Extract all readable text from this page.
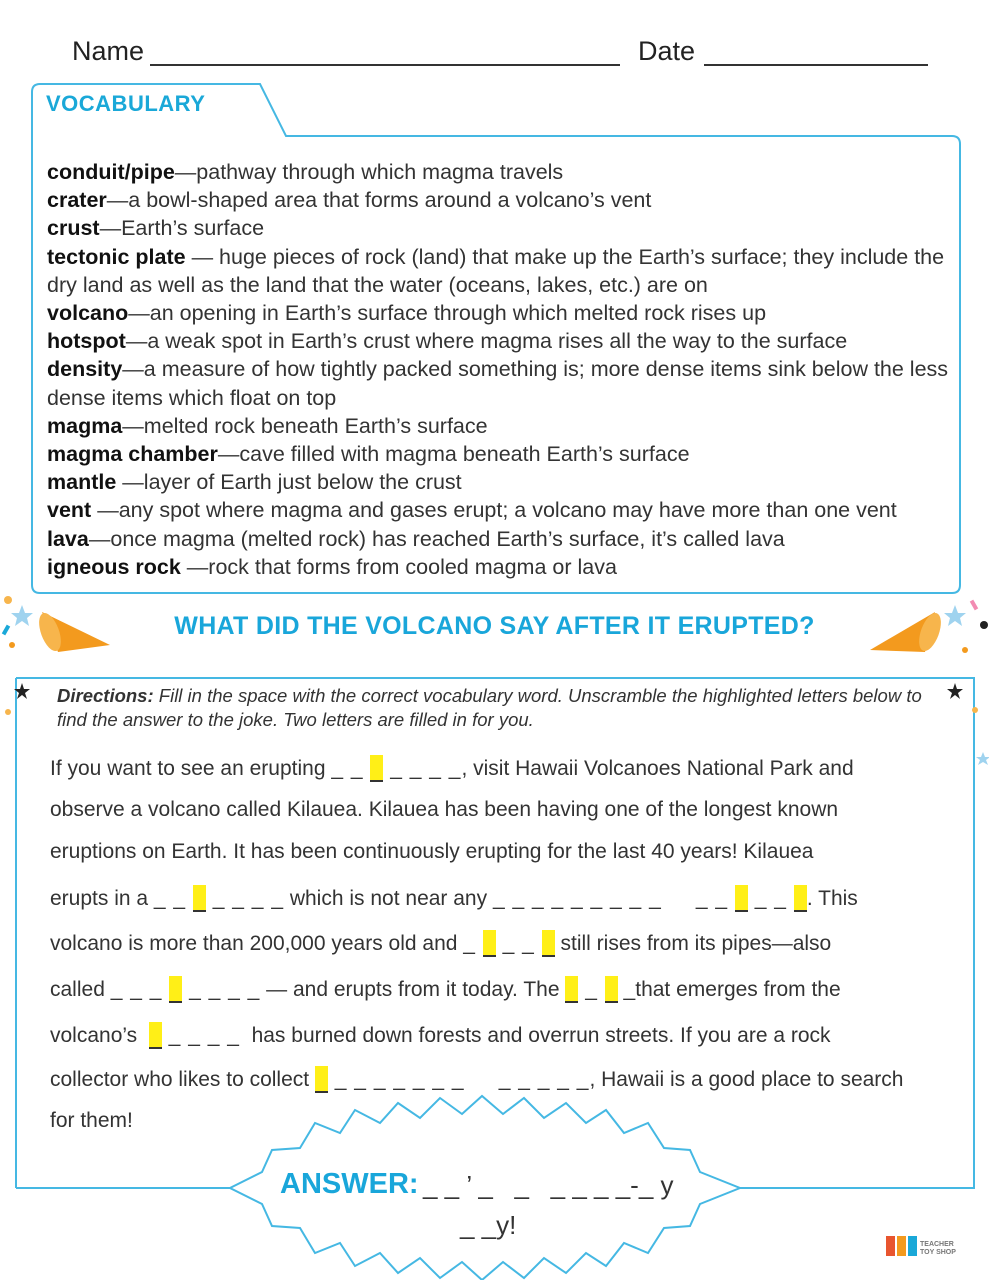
Name	Date
VOCABULARY
conduit/pipe—pathway through which magma travels
crater—a bowl-shaped area that forms around a volcano’s vent
crust—Earth’s surface
tectonic plate — huge pieces of rock (land) that make up the Earth’s surface; they include the dry land as well as the land that the water (oceans, lakes, etc.) are on
volcano—an opening in Earth’s surface through which melted rock rises up
hotspot—a weak spot in Earth’s crust where magma rises all the way to the surface
density—a measure of how tightly packed something is; more dense items sink below the less dense items which float on top
magma—melted rock beneath Earth’s surface
magma chamber—cave filled with magma beneath Earth’s surface
mantle —layer of Earth just below the crust
vent —any spot where magma and gases erupt; a volcano may have more than one vent
lava—once magma (melted rock) has reached Earth’s surface, it’s called lava
igneous rock —rock that forms from cooled magma or lava
WHAT DID THE VOLCANO SAY AFTER IT ERUPTED?
Directions: Fill in the space with the correct vocabulary word. Unscramble the highlighted letters below to find the answer to the joke. Two letters are filled in for you.
If you want to see an erupting _ _  _ _ _ _, visit Hawaii Volcanoes National Park and
observe a volcano called Kilauea. Kilauea has been having one of the longest known
eruptions on Earth. It has been continuously erupting for the last 40 years! Kilauea
erupts in a _ _  _ _ _ _ which is not near any _ _ _ _ _ _ _ _ _     _ _  _ _ . This
volcano is more than 200,000 years old and _  _ _  still rises from its pipes—also
called _ _ _  _ _ _ _ — and erupts from it today. The  _  _that emerges from the
volcano’s   _ _ _ _  has burned down forests and overrun streets. If you are a rock
collector who likes to collect  _ _ _ _ _ _ _     _ _ _ _ _, Hawaii is a good place to search
for them!
ANSWER: _ _ ’ _   _   _ _ _ _-_ y
_ _y!
TEACHER
TOY SHOP
